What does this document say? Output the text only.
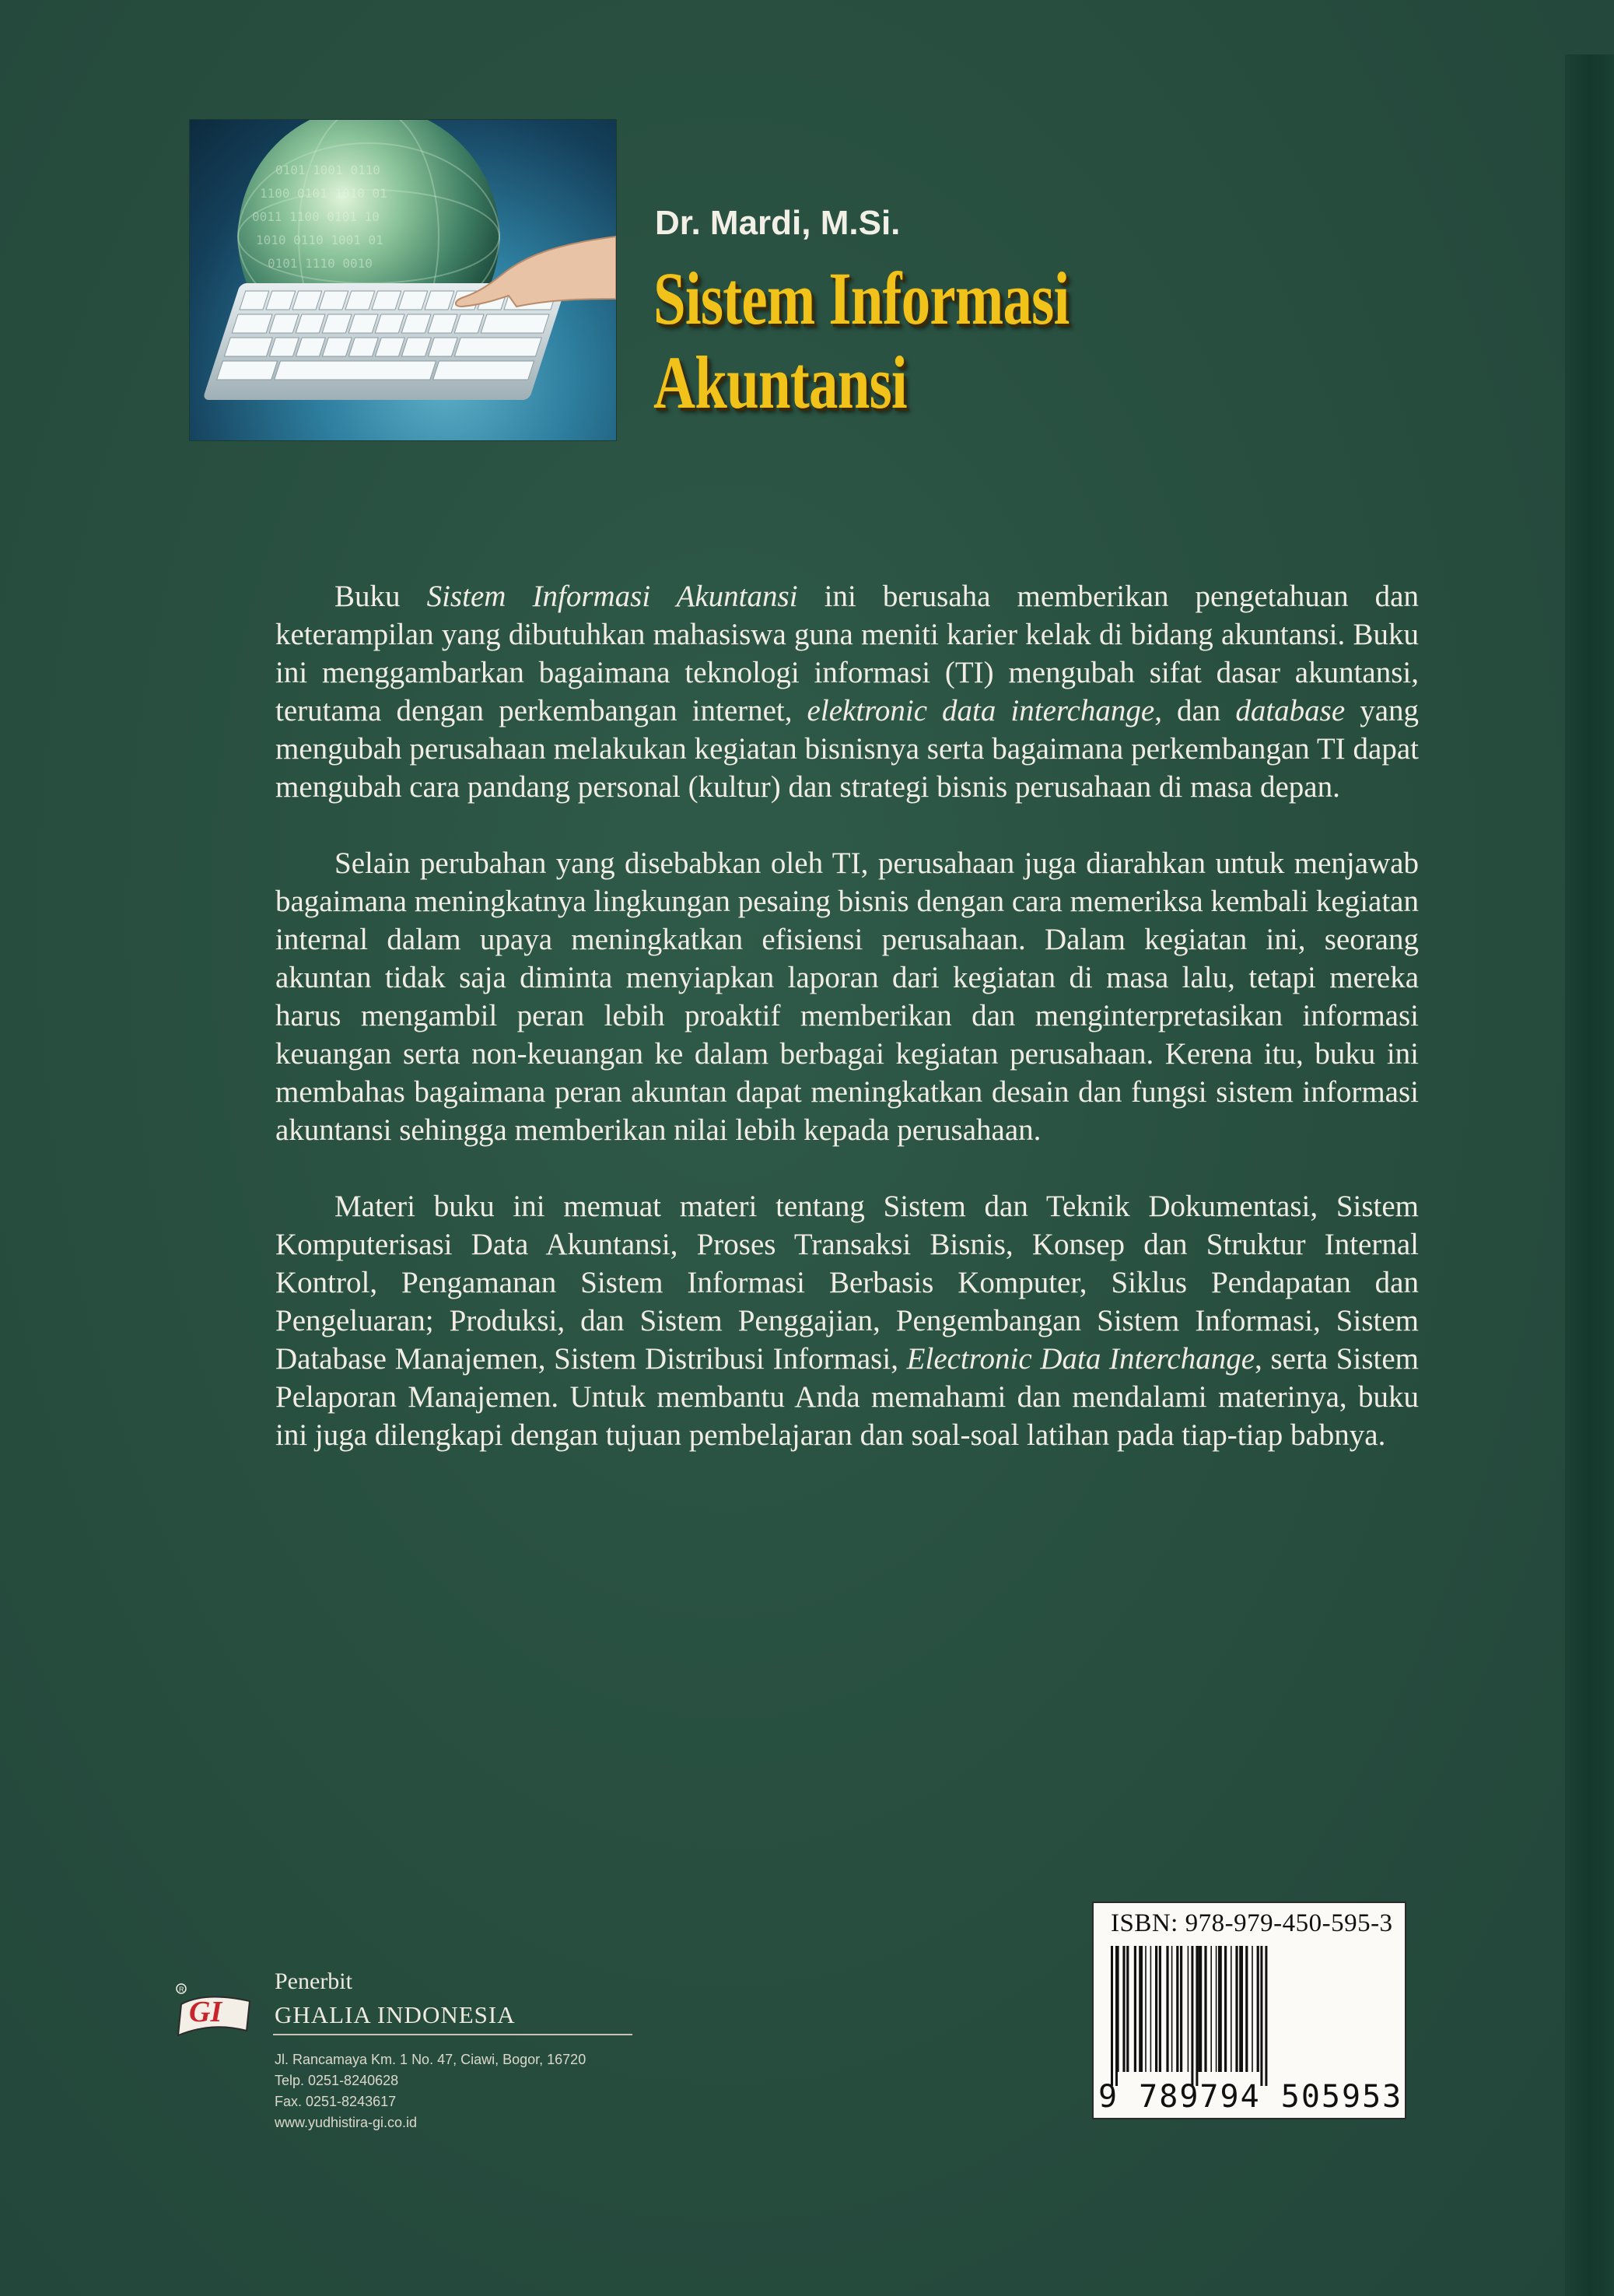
0101 1001 0110
1100 0101 1010 01
0011 1100 0101 10
1010 0110 1001 01
0101 1110 0010

Dr. Mardi, M.Si.

Sistem Informasi
Akuntansi

Buku Sistem Informasi Akuntansi ini berusaha memberikan pengetahuan dan keterampilan yang dibutuhkan mahasiswa guna meniti karier kelak di bidang akuntansi. Buku ini menggambarkan bagaimana teknologi informasi (TI) mengubah sifat dasar akuntansi, terutama dengan perkembangan internet, elektronic data interchange, dan database yang mengubah perusahaan melakukan kegiatan bisnisnya serta bagaimana perkembangan TI dapat mengubah cara pandang personal (kultur) dan strategi bisnis perusahaan di masa depan.

Selain perubahan yang disebabkan oleh TI, perusahaan juga diarahkan untuk menjawab bagaimana meningkatnya lingkungan pesaing bisnis dengan cara memeriksa kembali kegiatan internal dalam upaya meningkatkan efisiensi perusahaan. Dalam kegiatan ini, seorang akuntan tidak saja diminta menyiapkan laporan dari kegiatan di masa lalu, tetapi mereka harus mengambil peran lebih proaktif memberikan dan menginterpretasikan informasi keuangan serta non-keuangan ke dalam berbagai kegiatan perusahaan. Kerena itu, buku ini membahas bagaimana peran akuntan dapat meningkatkan desain dan fungsi sistem informasi akuntansi sehingga memberikan nilai lebih kepada perusahaan.

Materi buku ini memuat materi tentang Sistem dan Teknik Dokumentasi, Sistem Komputerisasi Data Akuntansi, Proses Transaksi Bisnis, Konsep dan Struktur Internal Kontrol, Pengamanan Sistem Informasi Berbasis Komputer, Siklus Pendapatan dan Pengeluaran; Produksi, dan Sistem Penggajian, Pengembangan Sistem Informasi, Sistem Database Manajemen, Sistem Distribusi Informasi, Electronic Data Interchange, serta Sistem Pelaporan Manajemen. Untuk membantu Anda memahami dan mendalami materinya, buku ini juga dilengkapi dengan tujuan pembelajaran dan soal-soal latihan pada tiap-tiap babnya.

GI
R	Penerbit

GHALIA INDONESIA

Jl. Rancamaya Km. 1 No. 47, Ciawi, Bogor, 16720
Telp. 0251-8240628
Fax. 0251-8243617
www.yudhistira-gi.co.id
ISBN: 978-979-450-595-3
9 789794 505953
